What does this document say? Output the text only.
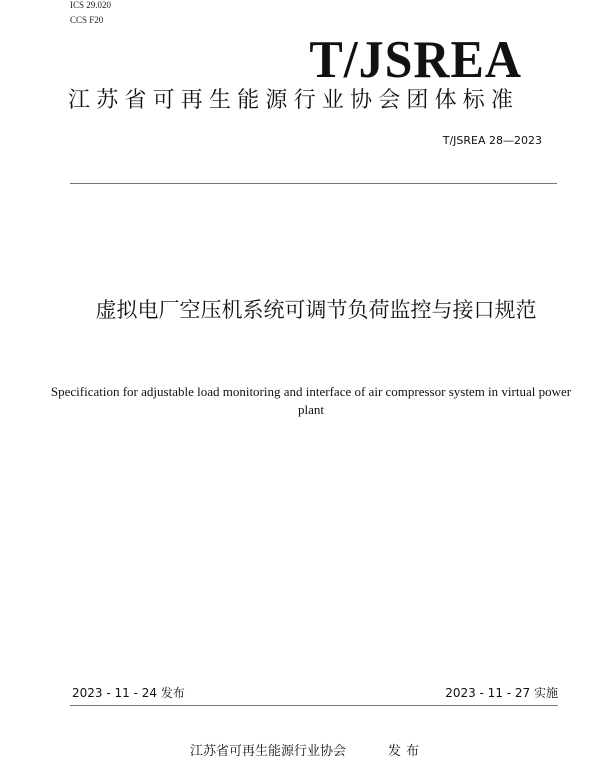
ICS 29.020
CCS F20
T/JSREA
江苏省可再生能源行业协会团体标准
T/JSREA 28—2023
虚拟电厂空压机系统可调节负荷监控与接口规范
Specification for adjustable load monitoring and interface of air compressor system in virtual power plant
2023 - 11 - 24 发布	2023 - 11 - 27 实施
江苏省可再生能源行业协会	发布
